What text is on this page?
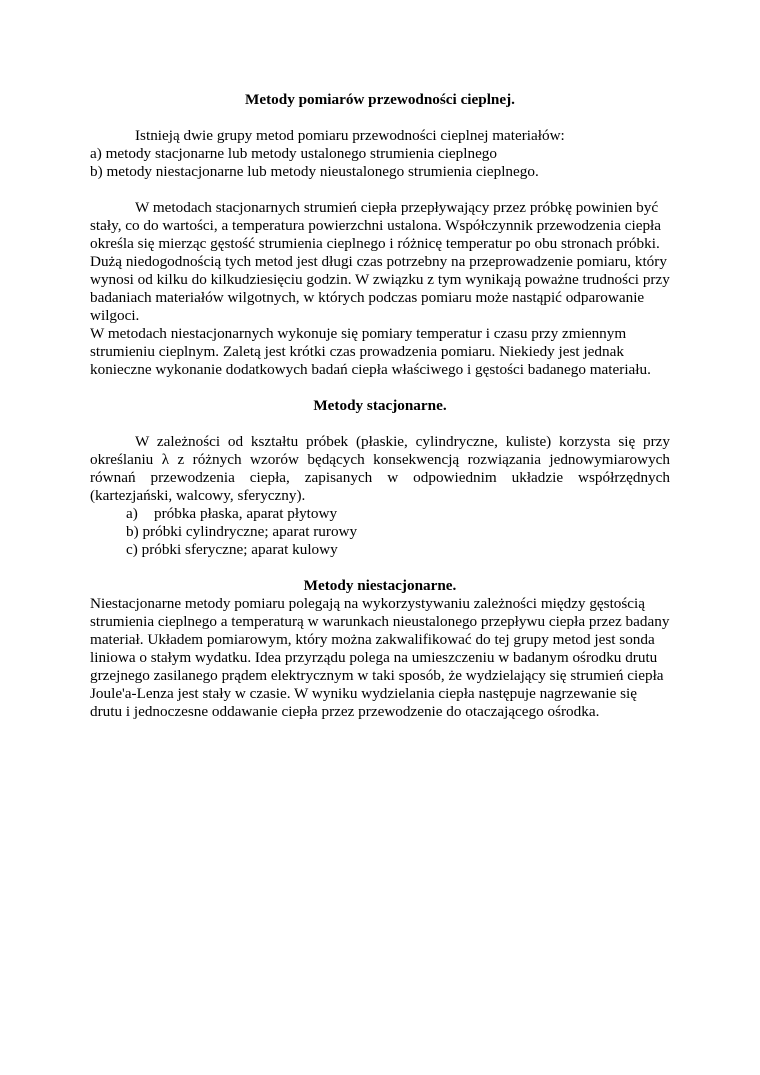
Metody pomiarów przewodności cieplnej.

Istnieją dwie grupy metod pomiaru przewodności cieplnej materiałów:

a) metody stacjonarne lub metody ustalonego strumienia cieplnego

b) metody niestacjonarne lub metody nieustalonego strumienia cieplnego.

W metodach stacjonarnych strumień ciepła przepływający przez próbkę powinien być stały, co do wartości, a temperatura powierzchni ustalona. Współczynnik przewodzenia ciepła określa się mierząc gęstość strumienia cieplnego i różnicę temperatur po obu stronach próbki. Dużą niedogodnością tych metod jest długi czas potrzebny na przeprowadzenie pomiaru, który wynosi od kilku do kilkudziesięciu godzin. W związku z tym wynikają poważne trudności przy badaniach materiałów wilgotnych, w których podczas pomiaru może nastąpić odparowanie wilgoci.

W metodach niestacjonarnych wykonuje się pomiary temperatur i czasu przy zmiennym strumieniu cieplnym. Zaletą jest krótki czas prowadzenia pomiaru. Niekiedy jest jednak konieczne wykonanie dodatkowych badań ciepła właściwego i gęstości badanego materiału.

Metody stacjonarne.

W zależności od kształtu próbek (płaskie, cylindryczne, kuliste) korzysta się przy określaniu λ z różnych wzorów będących konsekwencją rozwiązania jednowymiarowych równań przewodzenia ciepła, zapisanych w odpowiednim układzie współrzędnych (kartezjański, walcowy, sferyczny).

a) próbka płaska, aparat płytowy
b) próbki cylindryczne; aparat rurowy
c) próbki sferyczne; aparat kulowy
Metody niestacjonarne.

Niestacjonarne metody pomiaru polegają na wykorzystywaniu zależności między gęstością strumienia cieplnego a temperaturą w warunkach nieustalonego przepływu ciepła przez badany materiał. Układem pomiarowym, który można zakwalifikować do tej grupy metod jest sonda liniowa o stałym wydatku. Idea przyrządu polega na umieszczeniu w badanym ośrodku drutu grzejnego zasilanego prądem elektrycznym w taki sposób, że wydzielający się strumień ciepła Joule'a-Lenza jest stały w czasie. W wyniku wydzielania ciepła następuje nagrzewanie się drutu i jednoczesne oddawanie ciepła przez przewodzenie do otaczającego ośrodka.
